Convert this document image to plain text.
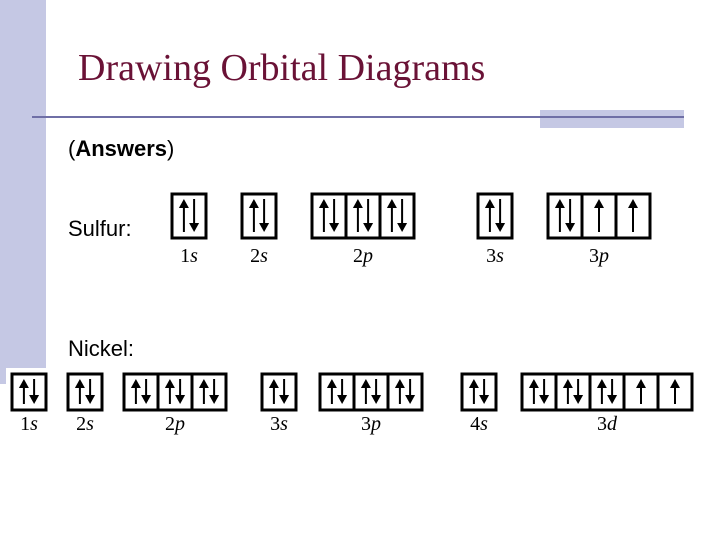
Drawing Orbital Diagrams
(Answers)
Sulfur:
Nickel:
1s	2s	2p	3s	3p
1s 2s	2p	3s	3p	4s	3d
